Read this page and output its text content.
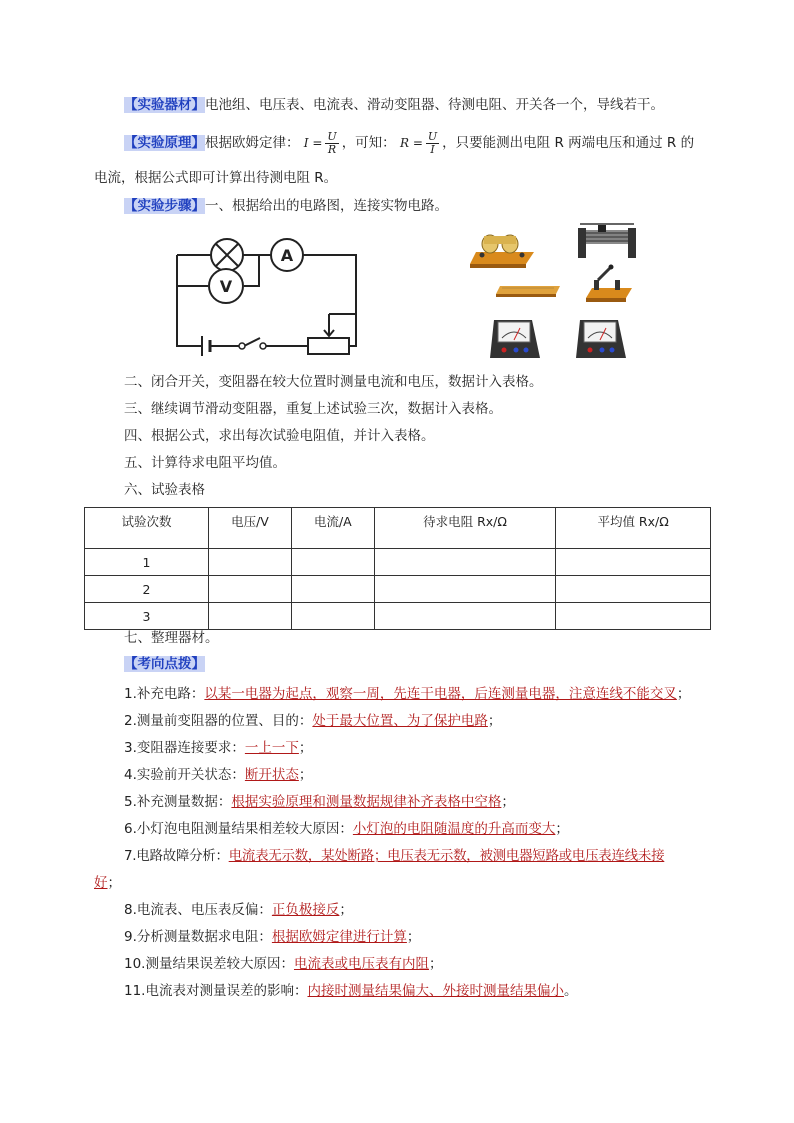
【实验器材】电池组、电压表、电流表、滑动变阻器、待测电阻、开关各一个，导线若干。
【实验原理】根据欧姆定律： $I = \frac{U}{R}$ ，可知： $R = \frac{U}{I}$ ，只要能测出电阻 R 两端电压和通过 R 的
电流，根据公式即可计算出待测电阻 R。
【实验步骤】一、根据给出的电路图，连接实物电路。
A
V
二、闭合开关，变阻器在较大位置时测量电流和电压，数据计入表格。
三、继续调节滑动变阻器，重复上述试验三次，数据计入表格。
四、根据公式，求出每次试验电阻值，并计入表格。
五、计算待求电阻平均值。
六、试验表格
试验次数	电压/V	电流/A	待求电阻 Rx/Ω	平均值 Rx/Ω
1				
2				
3				
七、整理器材。
【考向点拨】
1.补充电路：以某一电器为起点，观察一周，先连干电器，后连测量电器，注意连线不能交叉；
2.测量前变阻器的位置、目的：处于最大位置、为了保护电路；
3.变阻器连接要求：一上一下；
4.实验前开关状态：断开状态；
5.补充测量数据：根据实验原理和测量数据规律补齐表格中空格；
6.小灯泡电阻测量结果相差较大原因：小灯泡的电阻随温度的升高而变大；
7.电路故障分析：电流表无示数，某处断路；电压表无示数，被测电器短路或电压表连线未接
好；
8.电流表、电压表反偏：正负极接反；
9.分析测量数据求电阻：根据欧姆定律进行计算；
10.测量结果误差较大原因：电流表或电压表有内阻；
11.电流表对测量误差的影响：内接时测量结果偏大、外接时测量结果偏小。
